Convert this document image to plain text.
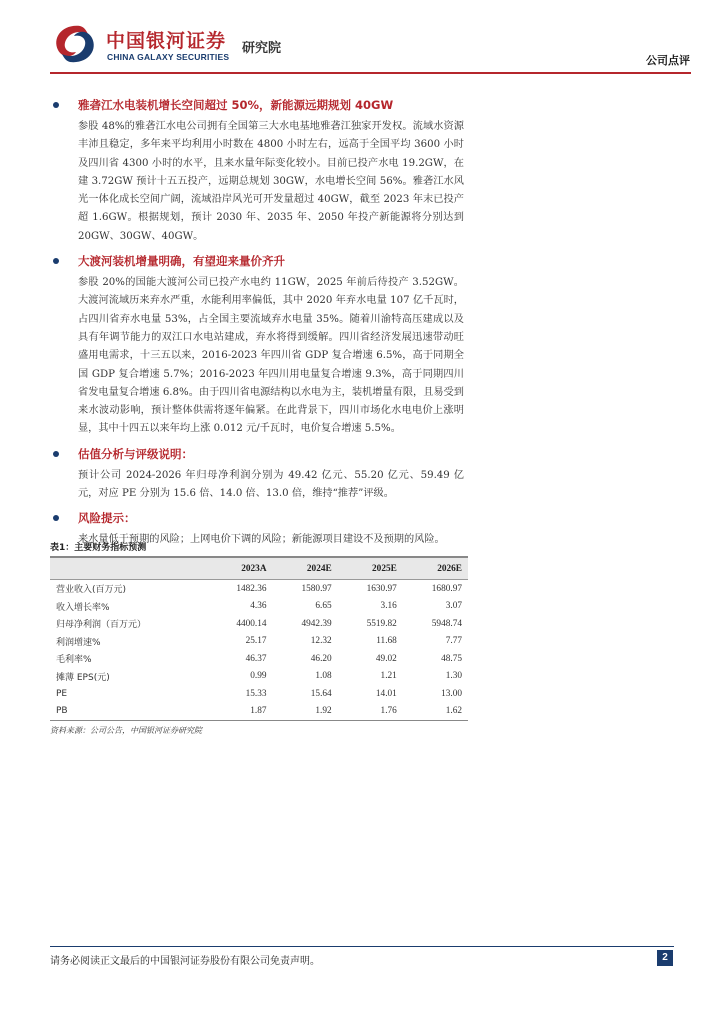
中国银河证券
CHINA GALAXY SECURITIES
研究院
公司点评
雅砻江水电装机增长空间超过 50%，新能源远期规划 40GW
参股 48%的雅砻江水电公司拥有全国第三大水电基地雅砻江独家开发权。流域水资源丰沛且稳定，多年来平均利用小时数在 4800 小时左右，远高于全国平均 3600 小时及四川省 4300 小时的水平，且来水量年际变化较小。目前已投产水电 19.2GW，在建 3.72GW 预计十五五投产，远期总规划 30GW，水电增长空间 56%。雅砻江水风光一体化成长空间广阔，流域沿岸风光可开发量超过 40GW，截至 2023 年末已投产超 1.6GW。根据规划，预计 2030 年、2035 年、2050 年投产新能源将分别达到 20GW、30GW、40GW。
大渡河装机增量明确，有望迎来量价齐升
参股 20%的国能大渡河公司已投产水电约 11GW，2025 年前后待投产 3.52GW。大渡河流域历来弃水严重，水能利用率偏低，其中 2020 年弃水电量 107 亿千瓦时，占四川省弃水电量 53%，占全国主要流域弃水电量 35%。随着川渝特高压建成以及具有年调节能力的双江口水电站建成，弃水将得到缓解。四川省经济发展迅速带动旺盛用电需求，十三五以来，2016-2023 年四川省 GDP 复合增速 6.5%，高于同期全国 GDP 复合增速 5.7%；2016-2023 年四川用电量复合增速 9.3%，高于同期四川省发电量复合增速 6.8%。由于四川省电源结构以水电为主，装机增量有限，且易受到来水波动影响，预计整体供需将逐年偏紧。在此背景下，四川市场化水电电价上涨明显，其中十四五以来年均上涨 0.012 元/千瓦时，电价复合增速 5.5%。
估值分析与评级说明：
预计公司 2024-2026 年归母净利润分别为 49.42 亿元、55.20 亿元、59.49 亿元，对应 PE 分别为 15.6 倍、14.0 倍、13.0 倍，维持“推荐”评级。
风险提示：
来水量低于预期的风险；上网电价下调的风险；新能源项目建设不及预期的风险。
表1：主要财务指标预测
	2023A	2024E	2025E	2026E
营业收入(百万元)	1482.36	1580.97	1630.97	1680.97
收入增长率%	4.36	6.65	3.16	3.07
归母净利润（百万元）	4400.14	4942.39	5519.82	5948.74
利润增速%	25.17	12.32	11.68	7.77
毛利率%	46.37	46.20	49.02	48.75
摊薄 EPS(元)	0.99	1.08	1.21	1.30
PE	15.33	15.64	14.01	13.00
PB	1.87	1.92	1.76	1.62
资料来源：公司公告，中国银河证券研究院
请务必阅读正文最后的中国银河证券股份有限公司免责声明。	2
